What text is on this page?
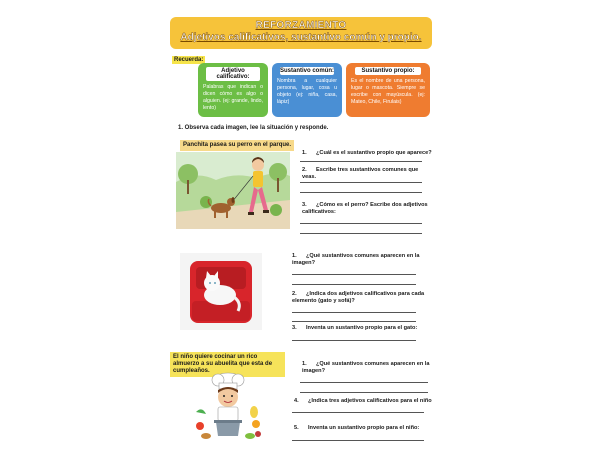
REFORZAMIENTO
Adjetivos calificativos, sustantivo común y propio.
Recuerda:
Adjetivo calificativo:
Palabras que indican o dicen cómo es algo o alguien. (ej: grande, lindo, lento)
Sustantivo común:
Nombra a cualquier persona, lugar, cosa u objeto (ej: niña, casa, lápiz)
Sustantivo propio:
Es el nombre de una persona, lugar o mascota. Siempre se escribe con mayúscula. (ej: Mateo, Chile, Firulais)
1. Observa cada imagen, lee la situación y responde.
Panchita pasea su perro en el parque.
1. ¿Cuál es el sustantivo propio que aparece?
2. Escribe tres sustantivos comunes que veas.
3. ¿Cómo es el perro? Escribe dos adjetivos calificativos:
1. ¿Qué sustantivos comunes aparecen en la imagen?
2. ¿Indica dos adjetivos calificativos para cada elemento (gato y sofá)?
3. Inventa un sustantivo propio para el gato:
El niño quiere cocinar un rico almuerzo a su abuelita que esta de cumpleaños.
1. ¿Qué sustantivos comunes aparecen en la imagen?
4. ¿Indica tres adjetivos calificativos para el niño
5. Inventa un sustantivo propio para el niño:
